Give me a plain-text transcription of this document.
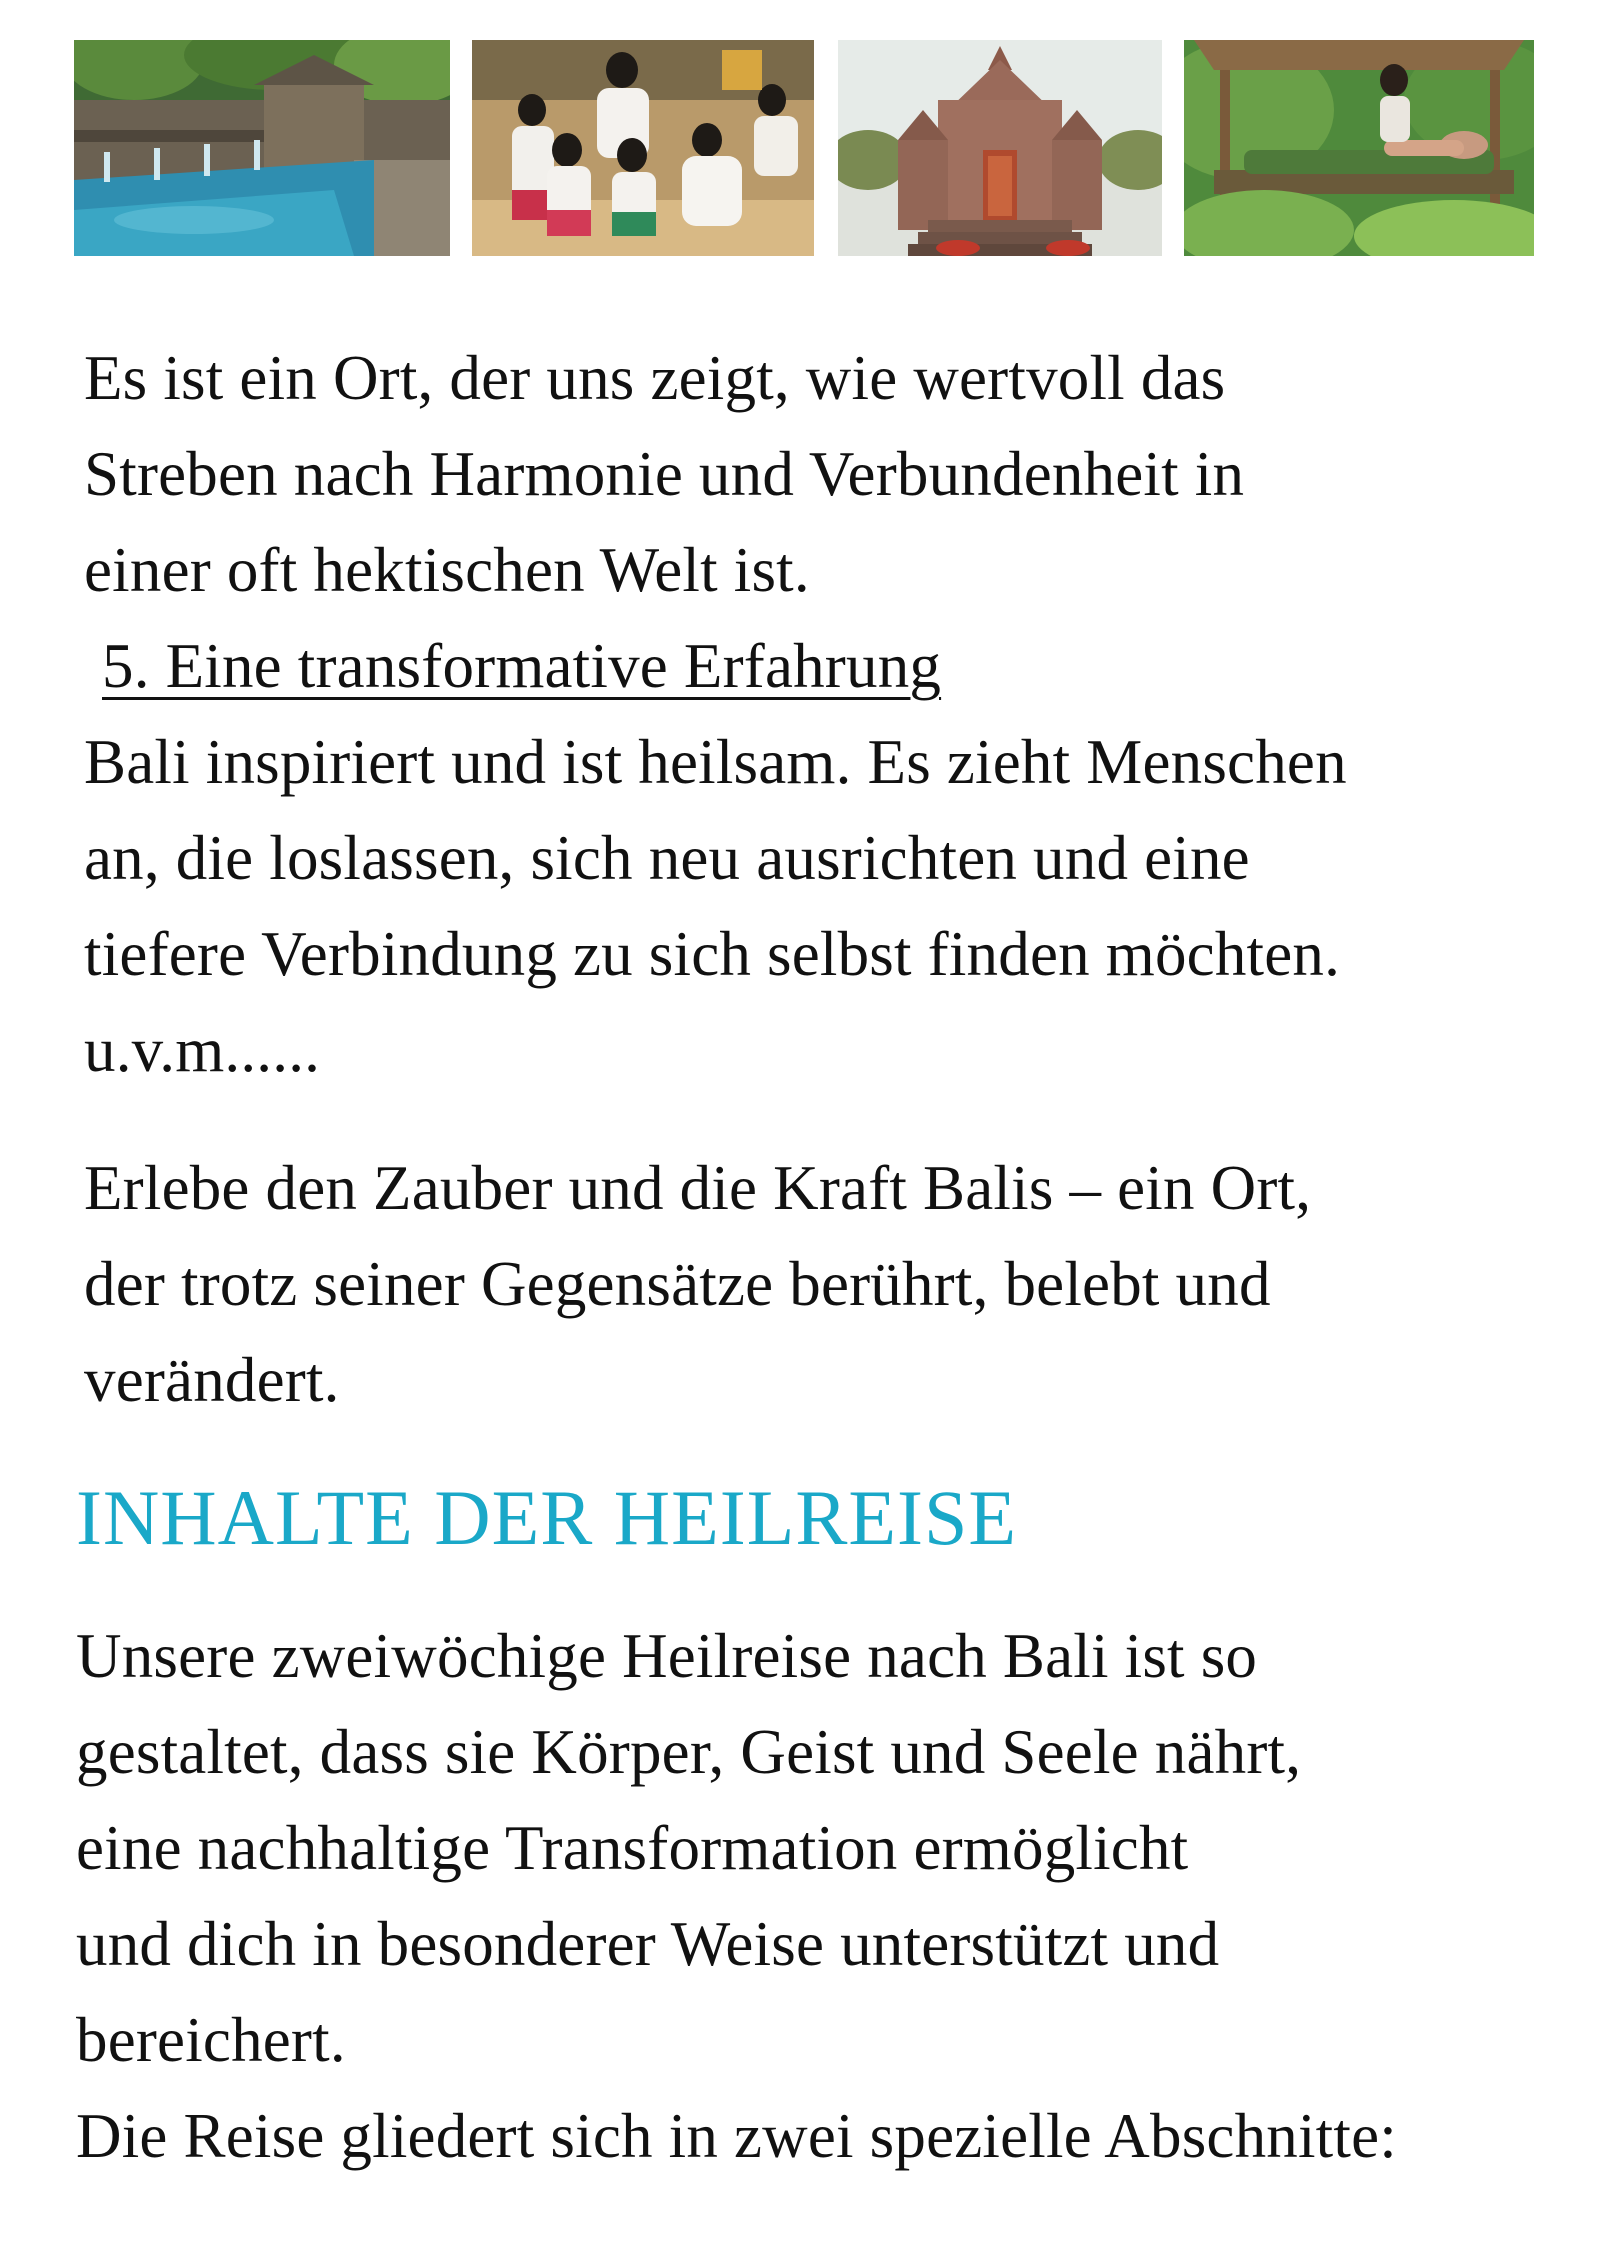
Es ist ein Ort, der uns zeigt, wie wertvoll das

Streben nach Harmonie und Verbundenheit in

einer oft hektischen Welt ist.

5. Eine transformative Erfahrung

Bali inspiriert und ist heilsam. Es zieht Menschen

an, die loslassen, sich neu ausrichten und eine

tiefere Verbindung zu sich selbst finden möchten.

u.v.m......

Erlebe den Zauber und die Kraft Balis – ein Ort,

der trotz seiner Gegensätze berührt, belebt und

verändert.

INHALTE DER HEILREISE

Unsere zweiwöchige Heilreise nach Bali ist so

gestaltet, dass sie Körper, Geist und Seele nährt,

eine nachhaltige Transformation ermöglicht

und dich in besonderer Weise unterstützt und

bereichert.

Die Reise gliedert sich in zwei spezielle Abschnitte:
